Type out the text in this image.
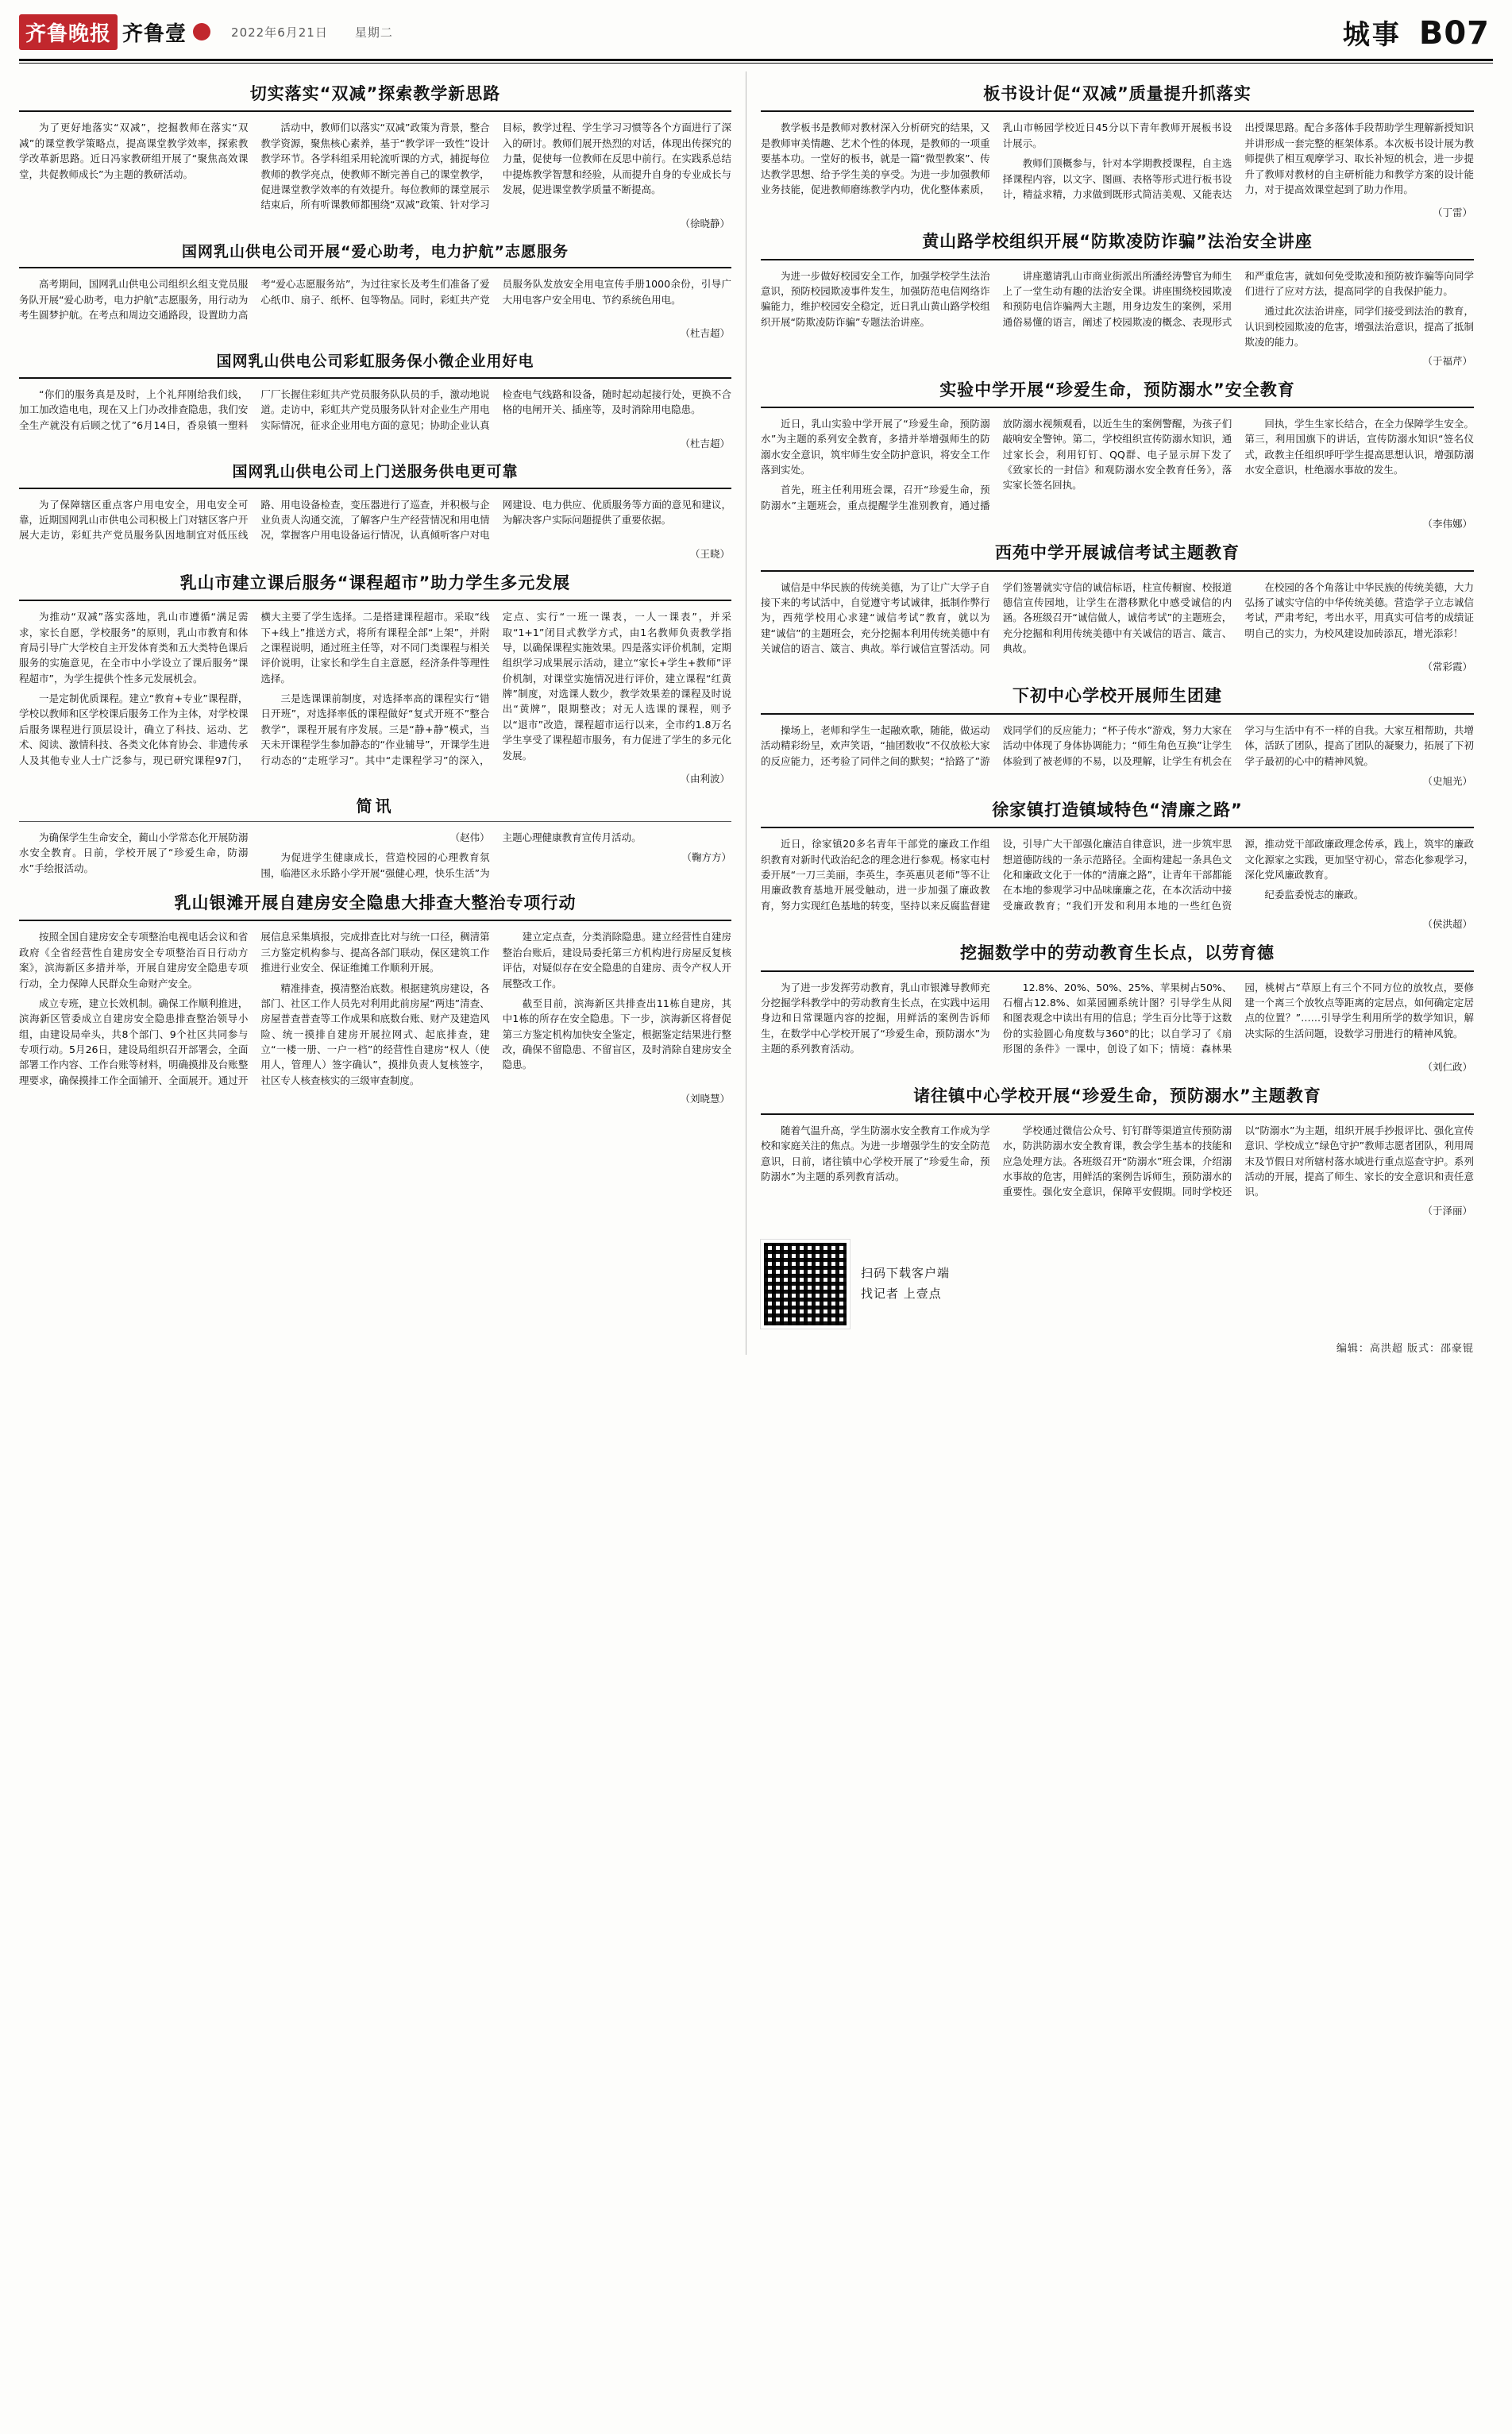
齐鲁晚报 齐鲁壹	2022年6月21日 星期二	城事 B07
切实落实“双减”探索教学新思路

为了更好地落实“双减”，挖掘教师在落实“双减”的课堂教学策略点，提高课堂教学效率，探索教学改革新思路。近日冯家教研组开展了“聚焦高效课堂，共促教师成长”为主题的教研活动。

活动中，教师们以落实“双减”政策为背景，整合教学资源，聚焦核心素养，基于“教学评一致性”设计教学环节。各学科组采用轮流听课的方式，捕捉每位教师的教学亮点，使教师不断完善自己的课堂教学，促进课堂教学效率的有效提升。每位教师的课堂展示结束后，所有听课教师都围绕“双减”政策、针对学习目标，教学过程、学生学习习惯等各个方面进行了深入的研讨。教师们展开热烈的对话，体现出传探究的力量，促使每一位教师在反思中前行。在实践系总结中提炼教学智慧和经验，从而提升自身的专业成长与发展，促进课堂教学质量不断提高。

（徐晓静）
国网乳山供电公司开展“爱心助考，电力护航”志愿服务

高考期间，国网乳山供电公司组织幺组支党员服务队开展“爱心助考，电力护航”志愿服务，用行动为考生圆梦护航。在考点和周边交通路段，设置助力高考“爱心志愿服务站”，为过往家长及考生们准备了爱心纸巾、扇子、纸杯、包等物品。同时，彩虹共产党员服务队发放安全用电宣传手册1000余份，引导广大用电客户安全用电、节约系统色用电。

（杜吉超）
国网乳山供电公司彩虹服务保小微企业用好电

“你们的服务真是及时，上个礼拜刚给我们线，加工加改造电电，现在又上门办改排查隐患，我们安全生产就没有后顾之忧了”6月14日，香泉镇一塑料厂厂长握住彩虹共产党员服务队队员的手，激动地说道。走访中，彩虹共产党员服务队针对企业生产用电实际情况，征求企业用电方面的意见；协助企业认真检查电气线路和设备，随时起动起接行处，更换不合格的电闸开关、插座等，及时消除用电隐患。

（杜吉超）
国网乳山供电公司上门送服务供电更可靠

为了保障辖区重点客户用电安全，用电安全可靠，近期国网乳山市供电公司积极上门对辖区客户开展大走访，彩虹共产党员服务队因地制宜对低压线路、用电设备检查，变压器进行了巡查，并积极与企业负责人沟通交流，了解客户生产经营情况和用电情况，掌握客户用电设备运行情况，认真倾听客户对电网建设、电力供应、优质服务等方面的意见和建议，为解决客户实际问题提供了重要依据。

（王晓）
乳山市建立课后服务“课程超市”助力学生多元发展

为推动“双减”落实落地，乳山市遵循“满足需求，家长自愿，学校服务”的原则，乳山市教育和体育局引导广大学校自主开发体育类和五大类特色课后服务的实施意见，在全市中小学设立了课后服务“课程超市”，为学生提供个性多元发展机会。

一是定制优质课程。建立“教育+专业”课程群，学校以教师和区学校课后服务工作为主体，对学校课后服务课程进行顶层设计，确立了科技、运动、艺术、阅读、激情科技、各类文化体育协会、非遗传承人及其他专业人士广泛参与，现已研究课程97门，横大主要了学生选择。二是搭建课程超市。采取“线下+线上”推送方式，将所有课程全部“上架”，并附之课程说明，通过班主任等，对不同门类课程与相关评价说明，让家长和学生自主意愿，经济条件等理性选择。

三是选课课前制度，对选择率高的课程实行“错日开班”，对选择率低的课程做好“复式开班不”整合教学”，课程开展有序发展。三是“静+静”模式，当天未开课程学生参加静态的“作业辅导”，开课学生进行动态的“走班学习”。其中“走课程学习”的深入，定点、实行“一班一课表，一人一课表”，并采取“1+1”闭目式教学方式，由1名教师负责教学指导，以确保课程实施效果。四是落实评价机制，定期组织学习成果展示活动，建立“家长+学生+教师”评价机制，对课堂实施情况进行评价，建立课程“红黄牌”制度，对选课人数少，教学效果差的课程及时说出“黄牌”，限期整改；对无人选课的课程，则予以“退市”改造，课程超市运行以来，全市约1.8万名学生享受了课程超市服务，有力促进了学生的多元化发展。

（由利波）
简讯

为确保学生生命安全，蔺山小学常态化开展防溺水安全教育。日前，学校开展了“珍爱生命，防溺水”手绘报活动。

（赵伟）

为促进学生健康成长，营造校园的心理教育氛围，临港区永乐路小学开展“强健心理，快乐生活”为主题心理健康教育宣传月活动。

（鞠方方）

乳山银滩开展自建房安全隐患大排查大整治专项行动

按照全国自建房安全专项整治电视电话会议和省政府《全省经营性自建房安全专项整治百日行动方案》，滨海新区多措并举，开展自建房安全隐患专项行动，全力保障人民群众生命财产安全。

成立专班，建立长效机制。确保工作顺利推进，滨海新区管委成立自建房安全隐患排查整治领导小组，由建设局牵头，共8个部门、9个社区共同参与专项行动。5月26日，建设局组织召开部署会，全面部署工作内容、工作台账等材料，明确摸排及台账整理要求，确保摸排工作全面铺开、全面展开。通过开展信息采集填报，完成排查比对与统一口径，稠清第三方鉴定机构参与、提高各部门联动，保区建筑工作推进行业安全、保证维摊工作顺利开展。

精准排查，摸清整治底数。根据建筑房建设，各部门、社区工作人员先对利用此前房屋“两违”清查、房屋普查普查等工作成果和底数台账、财产及建造风险、统一摸排自建房开展拉网式、起底排查，建立“一楼一册、一户一档”的经营性自建房“权人（使用人，管理人）签字确认”，摸排负责人复核签字，社区专人核查核实的三级审查制度。

建立定点查，分类消除隐患。建立经营性自建房整治台账后，建设局委托第三方机构进行房屋反复核评估，对疑似存在安全隐患的自建房、责令产权人开展整改工作。

截至目前，滨海新区共排查出11栋自建房，其中1栋的所存在安全隐患。下一步，滨海新区将督促第三方鉴定机构加快安全鉴定，根据鉴定结果进行整改，确保不留隐患、不留盲区，及时消除自建房安全隐患。

（刘晓慧）
板书设计促“双减”质量提升抓落实

教学板书是教师对教材深入分析研究的结果，又是教师审美情趣、艺术个性的体现，是教师的一项重要基本功。一堂好的板书，就是一篇“微型教案”、传达教学思想、给予学生美的享受。为进一步加强教师业务技能，促进教师磨练教学内功，优化整体素质，乳山市畅园学校近日45分以下青年教师开展板书设计展示。

教师们顶概参与，针对本学期教授课程，自主选择课程内容，以文字、图画、表格等形式进行板书设计，精益求精，力求做到既形式简洁美观、又能表达出授课思路。配合多落体手段帮助学生理解新授知识并讲形成一套完整的框架体系。本次板书设计展为教师提供了相互观摩学习、取长补短的机会，进一步提升了教师对教材的自主研析能力和教学方案的设计能力，对于提高效课堂起到了助力作用。

（丁雷）
黄山路学校组织开展“防欺凌防诈骗”法治安全讲座

为进一步做好校园安全工作，加强学校学生法治意识，预防校园欺凌事件发生，加强防范电信网络诈骗能力，维护校园安全稳定，近日乳山黄山路学校组织开展“防欺凌防诈骗”专题法治讲座。

讲座邀请乳山市商业街派出所潘经涛警官为师生上了一堂生动有趣的法治安全课。讲座围绕校园欺凌和预防电信诈骗两大主题，用身边发生的案例，采用通俗易懂的语言，阐述了校园欺凌的概念、表现形式和严重危害，就如何免受欺凌和预防被诈骗等向同学们进行了应对方法，提高同学的自我保护能力。

通过此次法治讲座，同学们接受到法治的教育，认识到校园欺凌的危害，增强法治意识，提高了抵制欺凌的能力。

（于福芹）
实验中学开展“珍爱生命，预防溺水”安全教育

近日，乳山实验中学开展了“珍爱生命，预防溺水”为主题的系列安全教育，多措并举增强师生的防溺水安全意识，筑牢师生安全防护意识，将安全工作落到实处。

首先，班主任利用班会课，召开“珍爱生命，预防溺水”主题班会，重点提醒学生准别教育，通过播放防溺水视频观看，以近生生的案例警醒，为孩子们敲响安全警钟。第二，学校组织宣传防溺水知识，通过家长会，利用钉钉、QQ群、电子显示屏下发了《致家长的一封信》和观防溺水安全教育任务》，落实家长签名回执。

回执，学生生家长结合，在全力保障学生安全。第三，利用国旗下的讲话，宣传防溺水知识“签名仪式，政教主任组织呼吁学生提高思想认识，增强防溺水安全意识，杜绝溺水事故的发生。

（李伟娜）
西苑中学开展诚信考试主题教育

诚信是中华民族的传统美德，为了让广大学子自接下来的考试活中，自觉遵守考试诚律，抵制作弊行为，西苑学校用心求建“诚信考试”教育，就以为建“诚信”的主题班会，充分挖掘本利用传统美德中有关诚信的语言、箴言、典故。举行诚信宣誓活动。同学们签署就实守信的诚信标语，柱宣传橱窗、校报道德信宣传园地，让学生在潜移默化中感受诚信的内涵。各班级召开“诚信做人，诚信考试”的主题班会，充分挖掘和利用传统美德中有关诚信的语言、箴言、典故。

在校园的各个角落让中华民族的传统美德，大力弘扬了诚实守信的中华传统美德。营造学子立志诚信考试，严肃考纪，考出水平，用真实可信考的成绩证明自己的实力，为校风建设加砖添瓦，增光添彩！

（常彩霞）
下初中心学校开展师生团建

操场上，老师和学生一起融欢歌，随能，做运动活动精彩纷呈，欢声笑语，“抽团数收”不仅放松大家的反应能力，还考验了同伴之间的默契；“拾路了”游戏同学们的反应能力；“杯子传水”游戏，努力大家在活动中体现了身体协调能力；“师生角色互换”让学生体验到了被老师的不易，以及理解，让学生有机会在学习与生活中有不一样的自我。大家互相帮助，共增体，活跃了团队，提高了团队的凝聚力，拓展了下初学子最初的心中的精神风貌。

（史旭光）
徐家镇打造镇域特色“清廉之路”

近日，徐家镇20多名青年干部党的廉政工作组织教育对新时代政治纪念的理念进行参观。杨家屯村委开展“一刀三美丽，李英生，李英惠贝老师”等不让用廉政教育基地开展受触动，进一步加强了廉政教育，努力实现红色基地的转变，坚持以来反腐监督建设，引导广大干部强化廉洁自律意识，进一步筑牢思想道德防线的一条示范路径。全面构建起一条具色文化和廉政文化于一体的“清廉之路”，让青年干部都能在本地的参观学习中品味廉廉之花，在本次活动中接受廉政教育；“我们开发和利用本地的一些红色资源，推动党干部政廉政理念传承，践上，筑牢的廉政文化源家之实践，更加坚守初心，常态化参观学习，深化党风廉政教育。

纪委监委悦志的廉政。

（侯洪超）
挖掘数学中的劳动教育生长点，以劳育德

为了进一步发挥劳动教育，乳山市银滩导教师充分挖掘学科教学中的劳动教育生长点，在实践中运用身边和日常课题内容的挖掘，用鲜活的案例告诉师生，在数学中心学校开展了“珍爱生命，预防溺水”为主题的系列教育活动。

12.8%、20%、50%、25%、苹果树占50%、石榴占12.8%、如菜园圃系统计图？引导学生从阅和图表观念中读出有用的信息；学生百分比等于这数份的实验圆心角度数与360°的比；以自学习了《扇形图的条件》一课中，创设了如下；情境：森林果园，桃树占“草原上有三个不同方位的放牧点，要修建一个离三个放牧点等距离的定居点，如何确定定居点的位置？”……引导学生利用所学的数学知识，解决实际的生活问题，设数学习册进行的精神风貌。

（刘仁政）
诸往镇中心学校开展“珍爱生命，预防溺水”主题教育

随着气温升高，学生防溺水安全教育工作成为学校和家庭关注的焦点。为进一步增强学生的安全防范意识，日前，诸往镇中心学校开展了“珍爱生命，预防溺水”为主题的系列教育活动。

学校通过微信公众号、钉钉群等渠道宣传预防溺水，防洪防溺水安全教育课，教会学生基本的技能和应急处理方法。各班级召开“防溺水”班会课，介绍溺水事故的危害，用鲜活的案例告诉师生，预防溺水的重要性。强化安全意识，保障平安假期。同时学校还以“防溺水”为主题，组织开展手抄报评比、强化宣传意识、学校成立“绿色守护”教师志愿者团队，利用周末及节假日对所辖村落水域进行重点巡查守护。系列活动的开展，提高了师生、家长的安全意识和责任意识。

（于泽丽）
扫码下载客户端
找记者 上壹点
编辑：高洪超 版式：邵豪锟
